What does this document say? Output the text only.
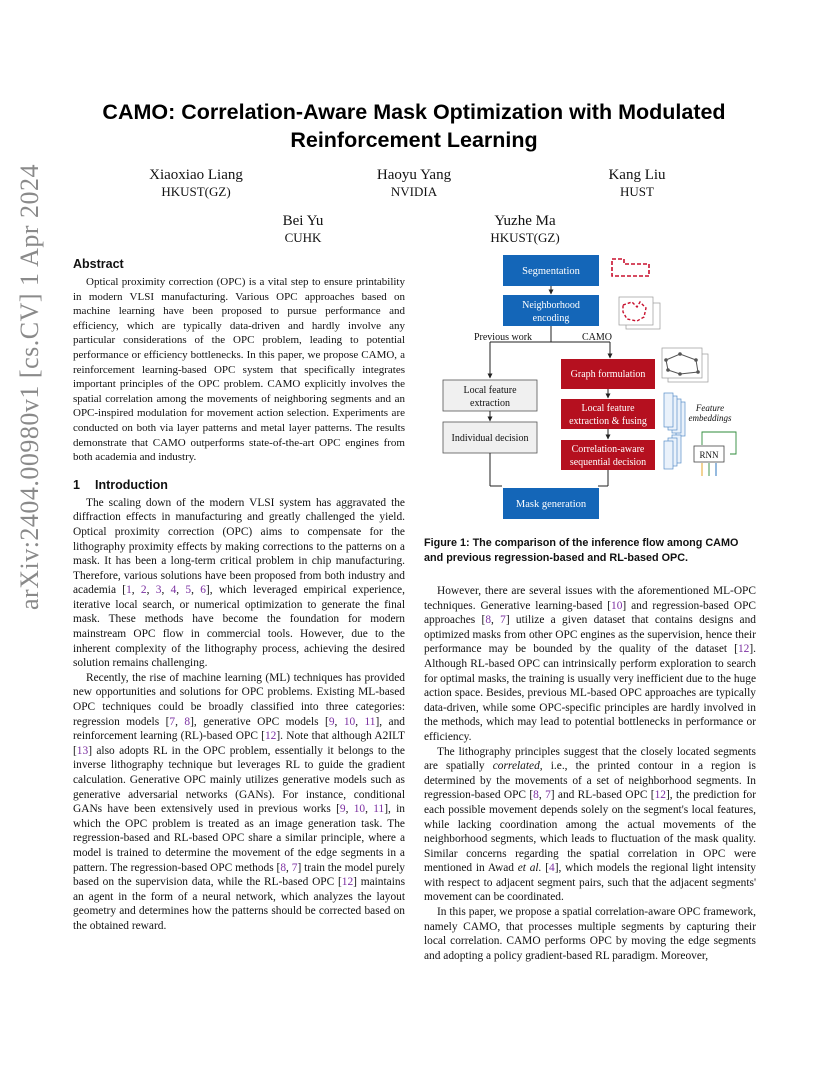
arXiv:2404.00980v1 [cs.CV] 1 Apr 2024
CAMO: Correlation-Aware Mask Optimization with Modulated
Reinforcement Learning
Xiaoxiao Liang
HKUST(GZ)
Haoyu Yang
NVIDIA
Kang Liu
HUST
Bei Yu
CUHK
Yuzhe Ma
HKUST(GZ)
Abstract

Optical proximity correction (OPC) is a vital step to ensure printability in modern VLSI manufacturing. Various OPC approaches based on machine learning have been proposed to pursue performance and efficiency, which are typically data-driven and hardly involve any particular considerations of the OPC problem, leading to potential performance or efficiency bottlenecks. In this paper, we propose CAMO, a reinforcement learning-based OPC system that specifically integrates important principles of the OPC problem. CAMO explicitly involves the spatial correlation among the movements of neighboring segments and an OPC-inspired modulation for movement action selection. Experiments are conducted on both via layer patterns and metal layer patterns. The results demonstrate that CAMO outperforms state-of-the-art OPC engines from both academia and industry.

1 Introduction

The scaling down of the modern VLSI system has aggravated the diffraction effects in manufacturing and greatly challenged the yield. Optical proximity correction (OPC) aims to compensate for the lithography proximity effects by making corrections to the patterns on a mask. It has been a long-term critical problem in chip manufacturing. Therefore, various solutions have been proposed from both industry and academia [1, 2, 3, 4, 5, 6], which leveraged empirical experience, iterative local search, or numerical optimization to generate the final mask. These methods have become the foundation for modern mainstream OPC flow in commercial tools. However, due to the inherent complexity of the lithography process, achieving the desired solution remains challenging.

Recently, the rise of machine learning (ML) techniques has provided new opportunities and solutions for OPC problems. Existing ML-based OPC techniques could be broadly classified into three categories: regression models [7, 8], generative OPC models [9, 10, 11], and reinforcement learning (RL)-based OPC [12]. Note that although A2ILT [13] also adopts RL in the OPC problem, essentially it belongs to the inverse lithography technique but leverages RL to guide the gradient calculation. Generative OPC mainly utilizes generative models such as generative adversarial networks (GANs). For instance, conditional GANs have been extensively used in previous works [9, 10, 11], in which the OPC problem is treated as an image generation task. The regression-based and RL-based OPC share a similar principle, where a model is trained to determine the movement of the edge segments in a pattern. The regression-based OPC methods [8, 7] train the model purely based on the supervision data, while the RL-based OPC [12] maintains an agent in the form of a neural network, which analyzes the layout geometry and determines how the patterns should be corrected based on the obtained reward.

Segmentation
Neighborhood
encoding
Previous work	CAMO
Local feature
extraction
Individual decision
Graph formulation
Local feature
extraction & fusing
Feature
embeddings
Correlation-aware
sequential decision
RNN
Mask generation
Figure 1: The comparison of the inference flow among CAMO and previous regression-based and RL-based OPC.

However, there are several issues with the aforementioned ML-OPC techniques. Generative learning-based [10] and regression-based OPC approaches [8, 7] utilize a given dataset that contains designs and optimized masks from other OPC engines as the supervision, hence their performance may be bounded by the quality of the dataset [12]. Although RL-based OPC can intrinsically perform exploration to search for optimal masks, the training is usually very inefficient due to the huge action space. Besides, previous ML-based OPC approaches are typically data-driven, while some OPC-specific principles are hardly involved in the methods, which may lead to potential bottlenecks in performance or efficiency.

The lithography principles suggest that the closely located segments are spatially correlated, i.e., the printed contour in a region is determined by the movements of a set of neighborhood segments. In regression-based OPC [8, 7] and RL-based OPC [12], the prediction for each possible movement depends solely on the segment's local features, while lacking coordination among the actual movements of the neighborhood segments, which leads to fluctuation of the mask quality. Similar concerns regarding the spatial correlation in OPC were mentioned in Awad et al. [4], which models the regional light intensity with respect to adjacent segment pairs, such that the adjacent segments' movement can be coordinated.

In this paper, we propose a spatial correlation-aware OPC framework, namely CAMO, that processes multiple segments by capturing their local correlation. CAMO performs OPC by moving the edge segments and adopting a policy gradient-based RL paradigm. Moreover,
